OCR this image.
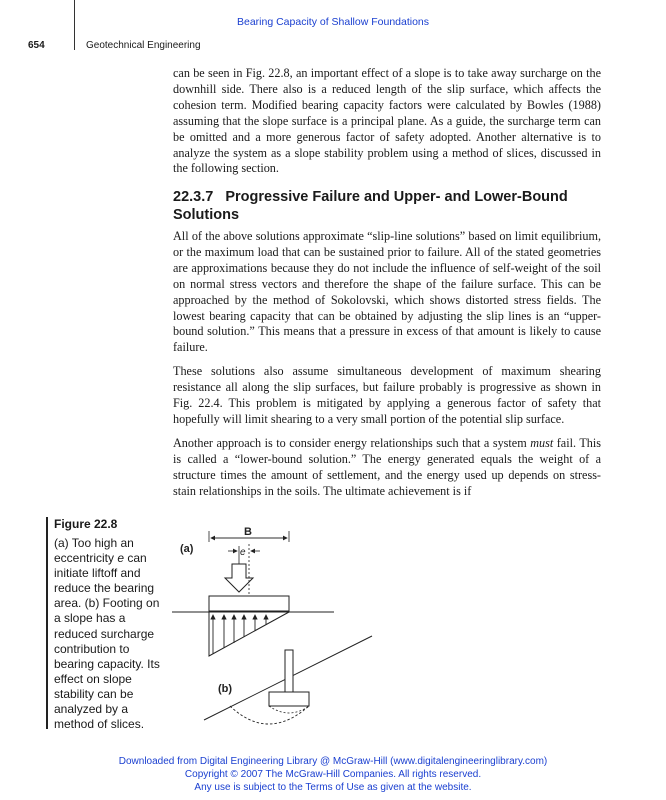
Bearing Capacity of Shallow Foundations
654	Geotechnical Engineering

can be seen in Fig. 22.8, an important effect of a slope is to take away surcharge on the downhill side. There also is a reduced length of the slip surface, which affects the cohesion term. Modified bearing capacity factors were calculated by Bowles (1988) assuming that the slope surface is a principal plane. As a guide, the surcharge term can be omitted and a more generous factor of safety adopted. Another alternative is to analyze the system as a slope stability problem using a method of slices, discussed in the following section.

22.3.7 Progressive Failure and Upper- and Lower-Bound Solutions

All of the above solutions approximate “slip-line solutions” based on limit equilibrium, or the maximum load that can be sustained prior to failure. All of the stated geometries are approximations because they do not include the influence of self-weight of the soil on normal stress vectors and therefore the shape of the failure surface. This can be approached by the method of Sokolovski, which shows distorted stress fields. The lowest bearing capacity that can be obtained by adjusting the slip lines is an “upper-bound solution.” This means that a pressure in excess of that amount is likely to cause failure.

These solutions also assume simultaneous development of maximum shearing resistance all along the slip surfaces, but failure probably is progressive as shown in Fig. 22.4. This problem is mitigated by applying a generous factor of safety that hopefully will limit shearing to a very small portion of the potential slip surface.

Another approach is to consider energy relationships such that a system must fail. This is called a “lower-bound solution.” The energy generated equals the weight of a structure times the amount of settlement, and the energy used up depends on stress-stain relationships in the soils. The ultimate achievement is if

Figure 22.8
(a) Too high an eccentricity e can initiate liftoff and reduce the bearing area. (b) Footing on a slope has a reduced surcharge contribution to bearing capacity. Its effect on slope stability can be analyzed by a method of slices.
(a)
B
e
(b)
Downloaded from Digital Engineering Library @ McGraw-Hill (www.digitalengineeringlibrary.com)
Copyright © 2007 The McGraw-Hill Companies. All rights reserved.
Any use is subject to the Terms of Use as given at the website.
